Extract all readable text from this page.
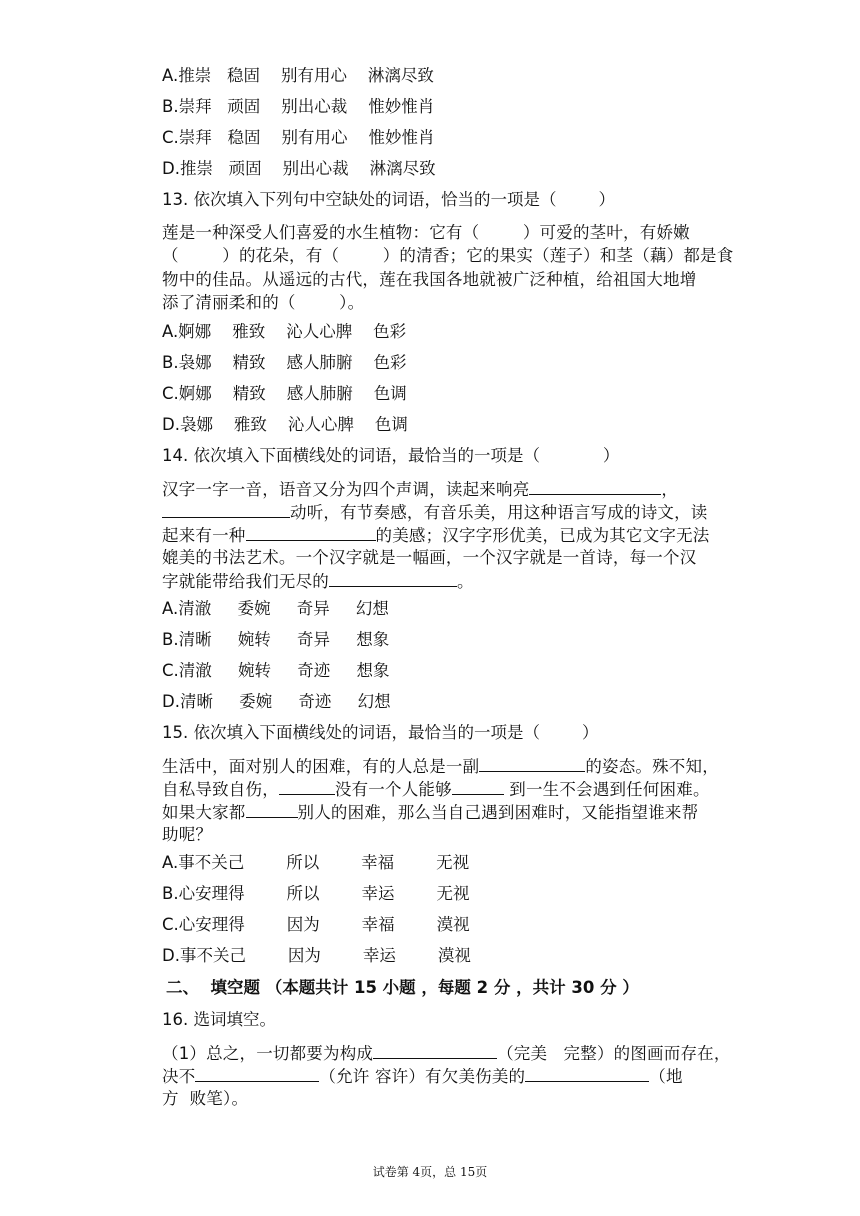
A.推崇   稳固    别有用心    淋漓尽致
B.崇拜   顽固    别出心裁    惟妙惟肖
C.崇拜   稳固    别有用心    惟妙惟肖
D.推崇   顽固    别出心裁    淋漓尽致
13. 依次填入下列句中空缺处的词语，恰当的一项是（        ）
莲是一种深受人们喜爱的水生植物：它有（        ）可爱的茎叶，有娇嫩
（        ）的花朵，有（        ）的清香；它的果实（莲子）和茎（藕）都是食
物中的佳品。从遥远的古代，莲在我国各地就被广泛种植，给祖国大地增
添了清丽柔和的（        ）。
A.婀娜    雅致    沁人心脾    色彩
B.袅娜    精致    感人肺腑    色彩
C.婀娜    精致    感人肺腑    色调
D.袅娜    雅致    沁人心脾    色调
14. 依次填入下面横线处的词语，最恰当的一项是（            ）
汉字一字一音，语音又分为四个声调，读起来响亮	，
动听，有节奏感，有音乐美，用这种语言写成的诗文，读
起来有一种	的美感；汉字字形优美，已成为其它文字无法
媲美的书法艺术。一个汉字就是一幅画，一个汉字就是一首诗，每一个汉
字就能带给我们无尽的	。
A.清澈     委婉     奇异     幻想
B.清晰     婉转     奇异     想象
C.清澈     婉转     奇迹     想象
D.清晰     委婉     奇迹     幻想
15. 依次填入下面横线处的词语，最恰当的一项是（        ）
生活中，面对别人的困难，有的人总是一副	的姿态。殊不知，
自私导致自伤，	没有一个人能够	到一生不会遇到任何困难。
如果大家都	别人的困难，那么当自己遇到困难时，又能指望谁来帮
助呢？
A.事不关己        所以        幸福        无视
B.心安理得        所以        幸运        无视
C.心安理得        因为        幸福        漠视
D.事不关己        因为        幸运        漠视
二、  填空题 （本题共计 15 小题 ，每题 2 分 ，共计 30 分 ）
16. 选词填空。
（1）总之，一切都要为构成	（完美   完整）的图画而存在，
决不	（允许 容许）有欠美伤美的	（地
方  败笔）。
试卷第 4页，总 15页
